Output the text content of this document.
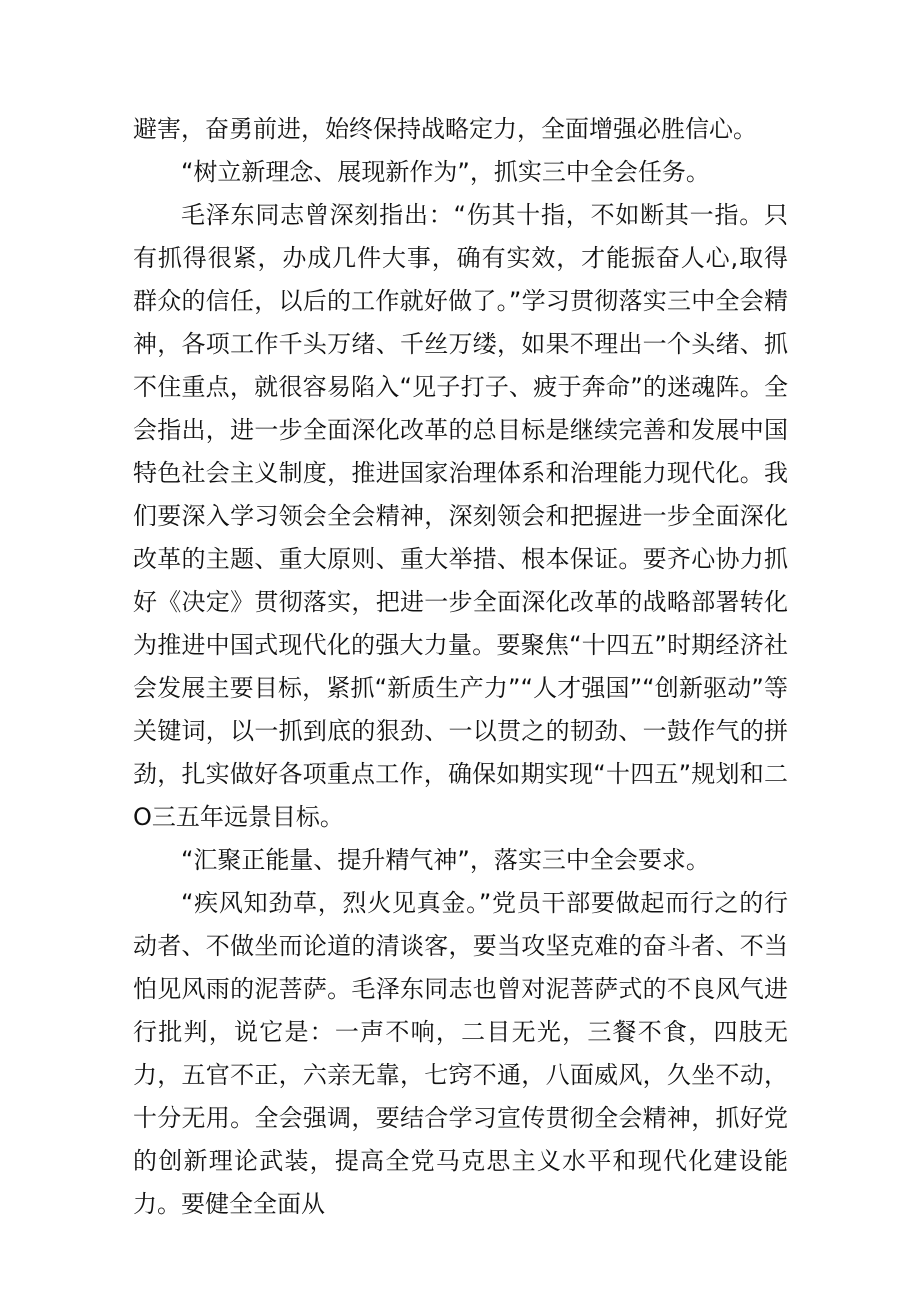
避害，奋勇前进，始终保持战略定力，全面增强必胜信心。

“树立新理念、展现新作为”，抓实三中全会任务。

毛泽东同志曾深刻指出：“伤其十指，不如断其一指。只有抓得很紧，办成几件大事，确有实效，才能振奋人心,取得群众的信任，以后的工作就好做了。”学习贯彻落实三中全会精神，各项工作千头万绪、千丝万缕，如果不理出一个头绪、抓不住重点，就很容易陷入“见子打子、疲于奔命”的迷魂阵。全会指出，进一步全面深化改革的总目标是继续完善和发展中国特色社会主义制度，推进国家治理体系和治理能力现代化。我们要深入学习领会全会精神，深刻领会和把握进一步全面深化改革的主题、重大原则、重大举措、根本保证。要齐心协力抓好《决定》贯彻落实，把进一步全面深化改革的战略部署转化为推进中国式现代化的强大力量。要聚焦“十四五”时期经济社会发展主要目标，紧抓“新质生产力”“人才强国”“创新驱动”等关键词，以一抓到底的狠劲、一以贯之的韧劲、一鼓作气的拼劲，扎实做好各项重点工作，确保如期实现“十四五”规划和二O三五年远景目标。

“汇聚正能量、提升精气神”，落实三中全会要求。

“疾风知劲草，烈火见真金。”党员干部要做起而行之的行动者、不做坐而论道的清谈客，要当攻坚克难的奋斗者、不当怕见风雨的泥菩萨。毛泽东同志也曾对泥菩萨式的不良风气进行批判，说它是：一声不响，二目无光，三餐不食，四肢无力，五官不正，六亲无靠，七窍不通，八面威风，久坐不动，十分无用。全会强调，要结合学习宣传贯彻全会精神，抓好党的创新理论武装，提高全党马克思主义水平和现代化建设能力。要健全全面从
